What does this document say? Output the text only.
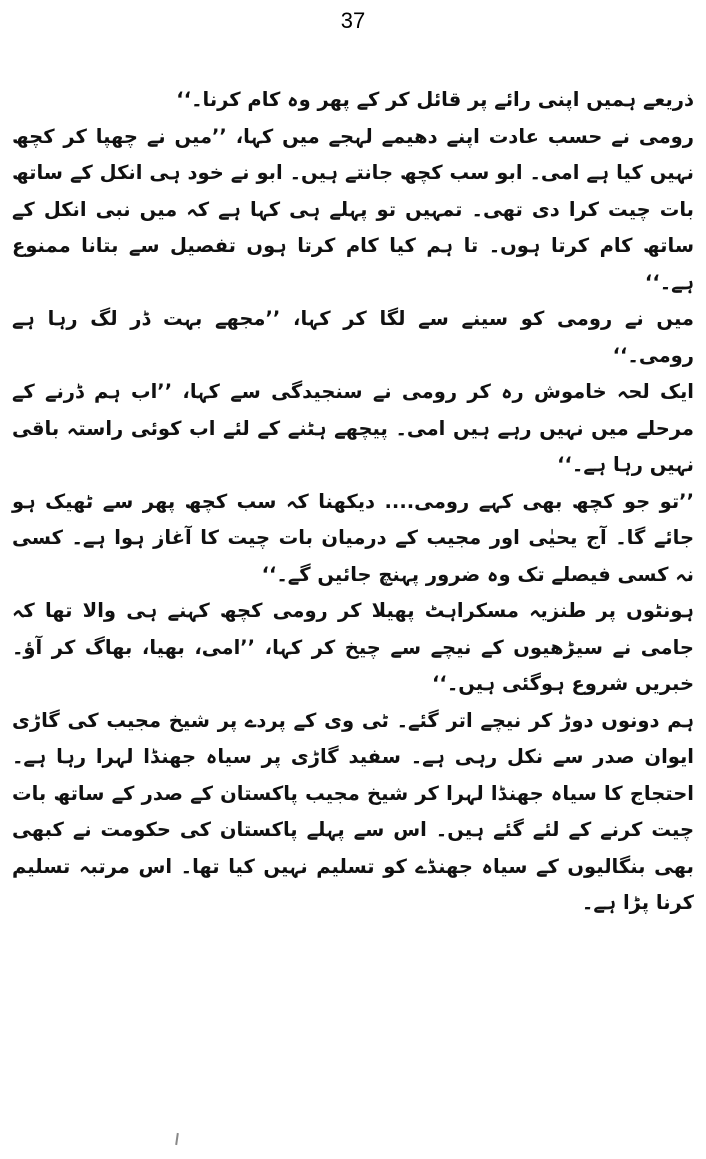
37

ذریعے ہمیں اپنی رائے پر قائل کر کے پھر وہ کام کرنا۔‘‘

رومی نے حسب عادت اپنے دھیمے لہجے میں کہا، ’’میں نے چھپا کر کچھ نہیں کیا ہے امی۔ ابو سب کچھ جانتے ہیں۔ ابو نے خود ہی انکل کے ساتھ بات چیت کرا دی تھی۔ تمہیں تو پہلے ہی کہا ہے کہ میں نبی انکل کے ساتھ کام کرتا ہوں۔ تا ہم کیا کام کرتا ہوں تفصیل سے بتانا ممنوع ہے۔‘‘

میں نے رومی کو سینے سے لگا کر کہا، ’’مجھے بہت ڈر لگ رہا ہے رومی۔‘‘

ایک لحہ خاموش رہ کر رومی نے سنجیدگی سے کہا، ’’اب ہم ڈرنے کے مرحلے میں نہیں رہے ہیں امی۔ پیچھے ہٹنے کے لئے اب کوئی راستہ باقی نہیں رہا ہے۔‘‘

’’تو جو کچھ بھی کہے رومی.... دیکھنا کہ سب کچھ پھر سے ٹھیک ہو جائے گا۔ آج یحیٰی اور مجیب کے درمیان بات چیت کا آغاز ہوا ہے۔ کسی نہ کسی فیصلے تک وہ ضرور پہنچ جائیں گے۔‘‘

ہونٹوں پر طنزیہ مسکراہٹ پھیلا کر رومی کچھ کہنے ہی والا تھا کہ جامی نے سیڑھیوں کے نیچے سے چیخ کر کہا، ’’امی، بھیا، بھاگ کر آؤ۔ خبریں شروع ہوگئی ہیں۔‘‘

ہم دونوں دوڑ کر نیچے اتر گئے۔ ٹی وی کے پردے پر شیخ مجیب کی گاڑی ایوان صدر سے نکل رہی ہے۔ سفید گاڑی پر سیاہ جھنڈا لہرا رہا ہے۔ احتجاج کا سیاہ جھنڈا لہرا کر شیخ مجیب پاکستان کے صدر کے ساتھ بات چیت کرنے کے لئے گئے ہیں۔ اس سے پہلے پاکستان کی حکومت نے کبھی بھی بنگالیوں کے سیاہ جھنڈے کو تسلیم نہیں کیا تھا۔ اس مرتبہ تسلیم کرنا پڑا ہے۔
